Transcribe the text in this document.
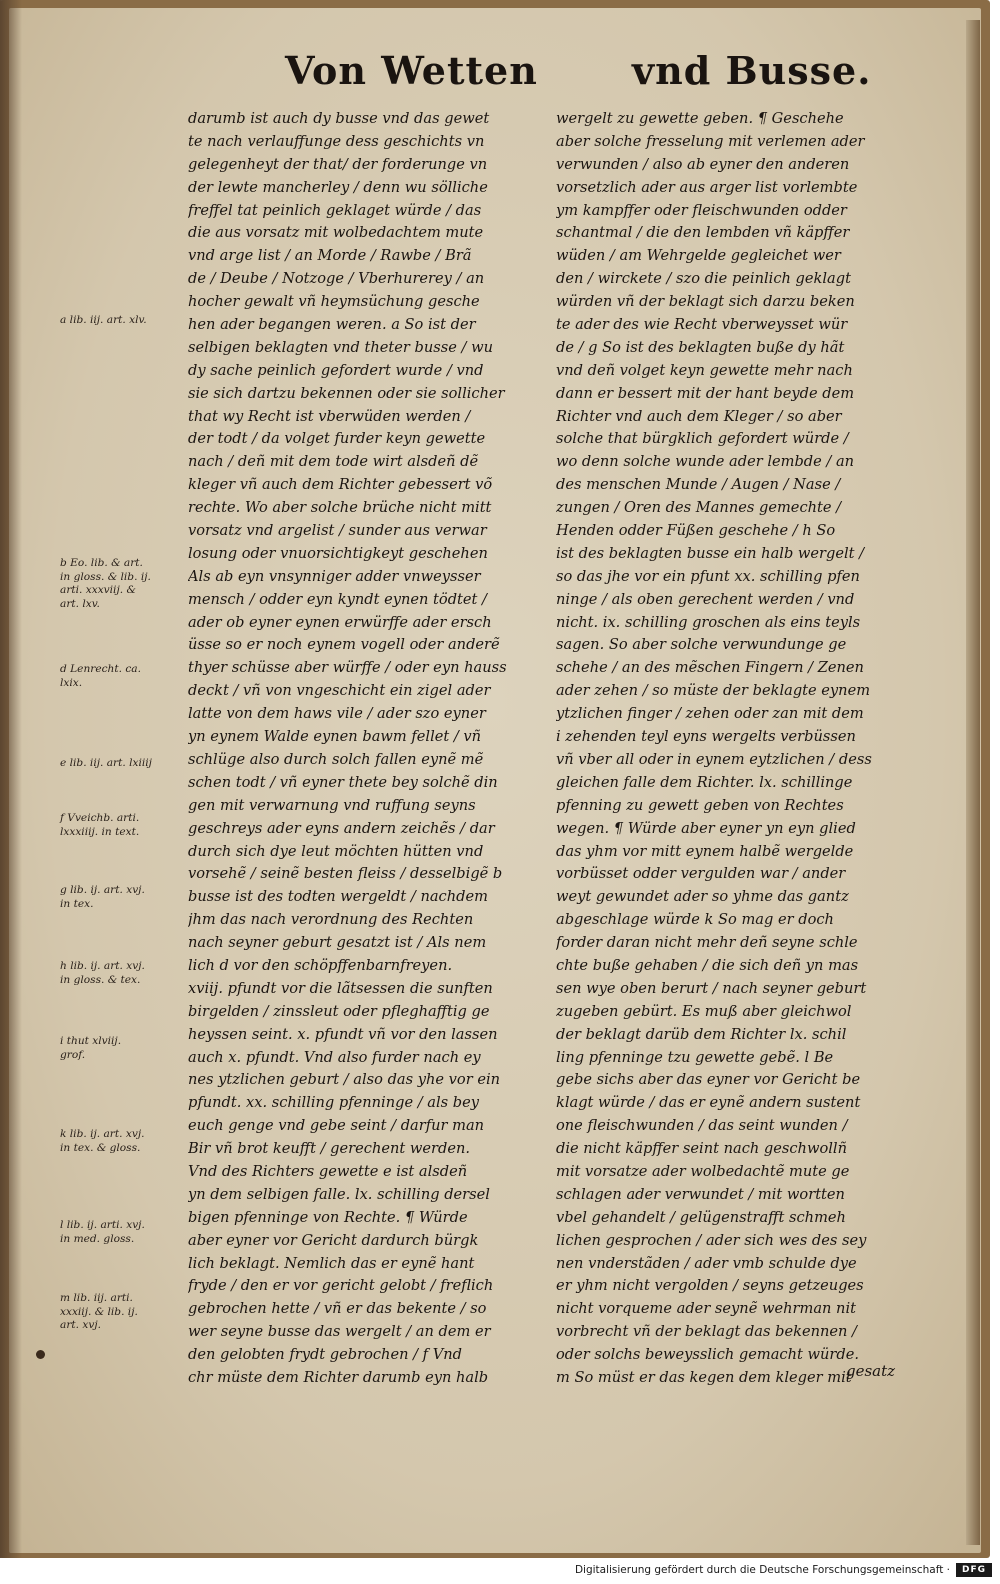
Von Wetten vnd Busse.
darumb ist auch dy busse vnd das gewet
te nach verlauffunge dess geschichts vn
gelegenheyt der that/ der forderunge vn
der lewte mancherley / denn wu sölliche
freffel tat peinlich geklaget würde / das
die aus vorsatz mit wolbedachtem mute
vnd arge list / an Morde / Rawbe / Brã
de / Deube / Notzoge / Vberhurerey / an
hocher gewalt vñ heymsüchung gesche
hen ader begangen weren. a So ist der
selbigen beklagten vnd theter busse / wu
dy sache peinlich gefordert wurde / vnd
sie sich dartzu bekennen oder sie sollicher
that wy Recht ist vberwüden werden /
der todt / da volget furder keyn gewette
nach / deñ mit dem tode wirt alsdeñ dẽ
kleger vñ auch dem Richter gebessert võ
rechte. Wo aber solche brüche nicht mitt
vorsatz vnd argelist / sunder aus verwar
losung oder vnuorsichtigkeyt geschehen
Als ab eyn vnsynniger adder vnweysser
mensch / odder eyn kyndt eynen tödtet /
ader ob eyner eynen erwürffe ader ersch
üsse so er noch eynem vogell oder anderẽ
thyer schüsse aber würffe / oder eyn hauss
deckt / vñ von vngeschicht ein zigel ader
latte von dem haws vile / ader szo eyner
yn eynem Walde eynen bawm fellet / vñ
schlüge also durch solch fallen eynẽ mẽ
schen todt / vñ eyner thete bey solchẽ din
gen mit verwarnung vnd ruffung seyns
geschreys ader eyns andern zeichẽs / dar
durch sich dye leut möchten hütten vnd
vorsehẽ / seinẽ besten fleiss / desselbigẽ b
busse ist des todten wergeldt / nachdem
jhm das nach verordnung des Rechten
nach seyner geburt gesatzt ist / Als nem
lich d vor den schöpffenbarnfreyen.
xviij. pfundt vor die lãtsessen die sunften
birgelden / zinssleut oder pfleghafftig ge
heyssen seint. x. pfundt vñ vor den lassen
auch x. pfundt. Vnd also furder nach ey
nes ytzlichen geburt / also das yhe vor ein
pfundt. xx. schilling pfenninge / als bey
euch genge vnd gebe seint / darfur man
Bir vñ brot keufft / gerechent werden.
Vnd des Richters gewette e ist alsdeñ
yn dem selbigen falle. lx. schilling dersel
bigen pfenninge von Rechte. ¶ Würde
aber eyner vor Gericht dardurch bürgk
lich beklagt. Nemlich das er eynẽ hant
fryde / den er vor gericht gelobt / freflich
gebrochen hette / vñ er das bekente / so
wer seyne busse das wergelt / an dem er
den gelobten frydt gebrochen / f Vnd
chr müste dem Richter darumb eyn halb
wergelt zu gewette geben. ¶ Geschehe
aber solche fresselung mit verlemen ader
verwunden / also ab eyner den anderen
vorsetzlich ader aus arger list vorlembte
ym kampffer oder fleischwunden odder
schantmal / die den lembden vñ käpffer
wüden / am Wehrgelde gegleichet wer
den / wirckete / szo die peinlich geklagt
würden vñ der beklagt sich darzu beken
te ader des wie Recht vberweysset wür
de / g So ist des beklagten buße dy hãt
vnd deñ volget keyn gewette mehr nach
dann er bessert mit der hant beyde dem
Richter vnd auch dem Kleger / so aber
solche that bürgklich gefordert würde /
wo denn solche wunde ader lembde / an
des menschen Munde / Augen / Nase /
zungen / Oren des Mannes gemechte /
Henden odder Füßen geschehe / h So
ist des beklagten busse ein halb wergelt /
so das jhe vor ein pfunt xx. schilling pfen
ninge / als oben gerechent werden / vnd
nicht. ix. schilling groschen als eins teyls
sagen. So aber solche verwundunge ge
schehe / an des mẽschen Fingern / Zenen
ader zehen / so müste der beklagte eynem
ytzlichen finger / zehen oder zan mit dem
i zehenden teyl eyns wergelts verbüssen
vñ vber all oder in eynem eytzlichen / dess
gleichen falle dem Richter. lx. schillinge
pfenning zu gewett geben von Rechtes
wegen. ¶ Würde aber eyner yn eyn glied
das yhm vor mitt eynem halbẽ wergelde
vorbüsset odder vergulden war / ander
weyt gewundet ader so yhme das gantz
abgeschlage würde k So mag er doch
forder daran nicht mehr deñ seyne schle
chte buße gehaben / die sich deñ yn mas
sen wye oben berurt / nach seyner geburt
zugeben gebürt. Es muß aber gleichwol
der beklagt darüb dem Richter lx. schil
ling pfenninge tzu gewette gebẽ. l Be
gebe sichs aber das eyner vor Gericht be
klagt würde / das er eynẽ andern sustent
one fleischwunden / das seint wunden /
die nicht käpffer seint nach geschwollñ
mit vorsatze ader wolbedachtẽ mute ge
schlagen ader verwundet / mit wortten
vbel gehandelt / gelügenstrafft schmeh
lichen gesprochen / ader sich wes des sey
nen vnderstãden / ader vmb schulde dye
er yhm nicht vergolden / seyns getzeuges
nicht vorqueme ader seynẽ wehrman nit
vorbrecht vñ der beklagt das bekennen /
oder solchs beweysslich gemacht würde.
m So müst er das kegen dem kleger mit
a lib. iij. art. xlv.
b Eo. lib. & art.
in gloss. & lib. ij.
arti. xxxviij. &
art. lxv.
d Lenrecht. ca.
lxix.
e lib. iij. art. lxiiij
f Vveichb. arti.
lxxxiiij. in text.
g lib. ij. art. xvj.
in tex.
h lib. ij. art. xvj.
in gloss. & tex.
i thut xlviij.
grof.
k lib. ij. art. xvj.
in tex. & gloss.
l lib. ij. arti. xvj.
in med. gloss.
m lib. iij. arti.
xxxiij. & lib. ij.
art. xvj.
gesatz
Digitalisierung gefördert durch die Deutsche Forschungsgemeinschaft ·	DFG
